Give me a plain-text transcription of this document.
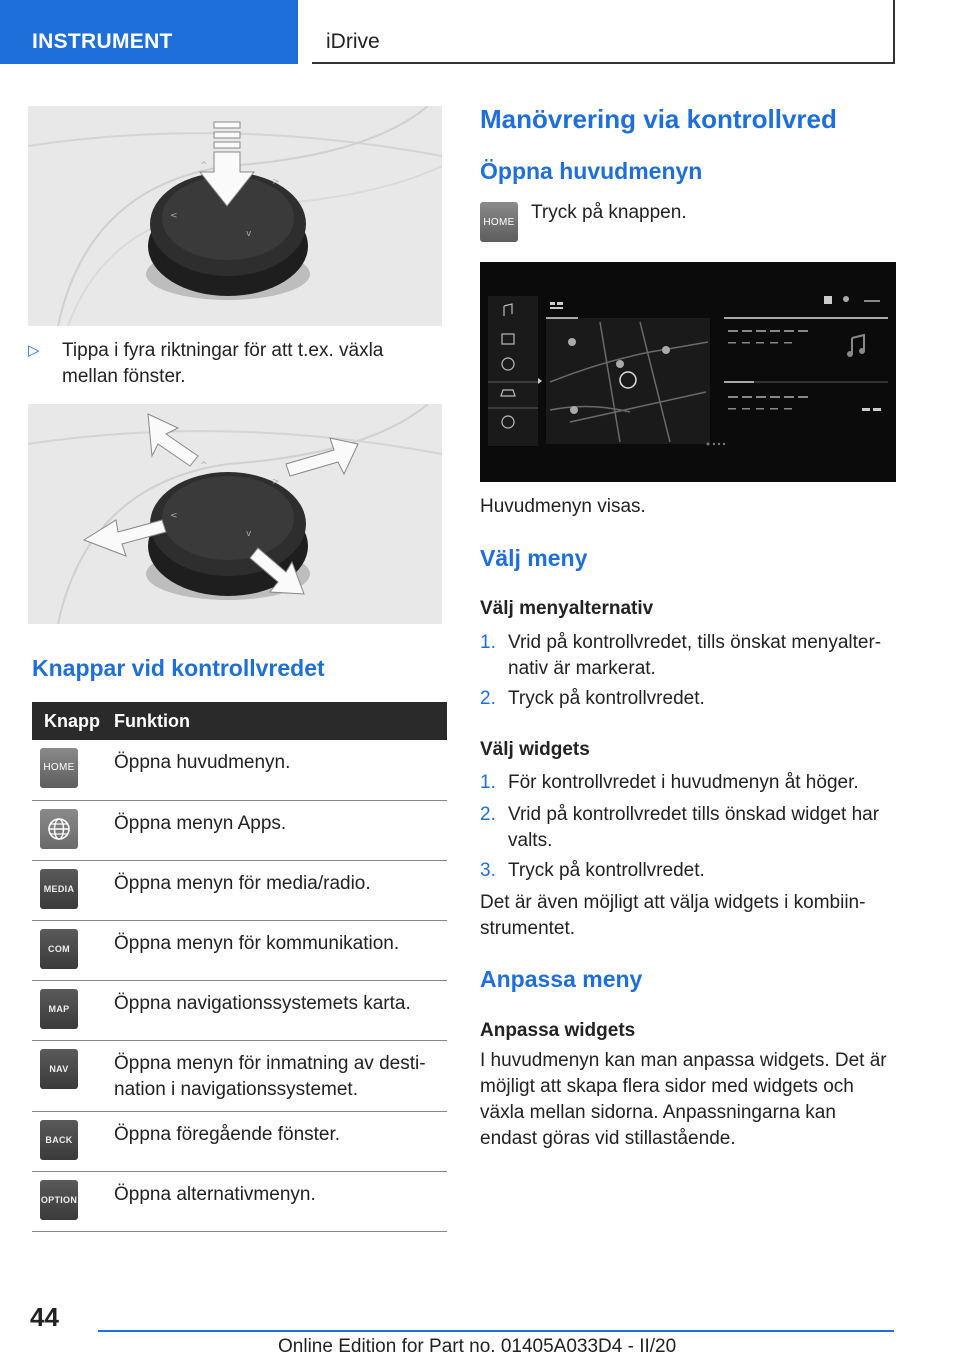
INSTRUMENT	iDrive
^
>
<
v
▷	Tippa i fyra riktningar för att t.ex. växla mellan fönster.
^
>
<
v
Knappar vid kontrollvredet
Knapp	Funktion

HOME	Öppna huvudmenyn.

	Öppna menyn Apps.

MEDIA	Öppna menyn för media/radio.

COM	Öppna menyn för kommunikation.

MAP	Öppna navigationssystemets karta.

NAV	Öppna menyn för inmatning av desti-nation i navigationssystemet.

BACK	Öppna föregående fönster.

OPTION	Öppna alternativmenyn.
Manövrering via kontrollvred
Öppna huvudmenyn
HOME Tryck på knappen.
Huvudmenyn visas.
Välj meny
Välj menyalternativ
1. Vrid på kontrollvredet, tills önskat menyalter-nativ är markerat.
2. Tryck på kontrollvredet.
Välj widgets
1. För kontrollvredet i huvudmenyn åt höger.
2. Vrid på kontrollvredet tills önskad widget har valts.
3. Tryck på kontrollvredet.
Det är även möjligt att välja widgets i kombiin-strumentet.
Anpassa meny
Anpassa widgets
I huvudmenyn kan man anpassa widgets. Det är möjligt att skapa flera sidor med widgets och växla mellan sidorna. Anpassningarna kan endast göras vid stillastående.
44
Online Edition for Part no. 01405A033D4 - II/20
